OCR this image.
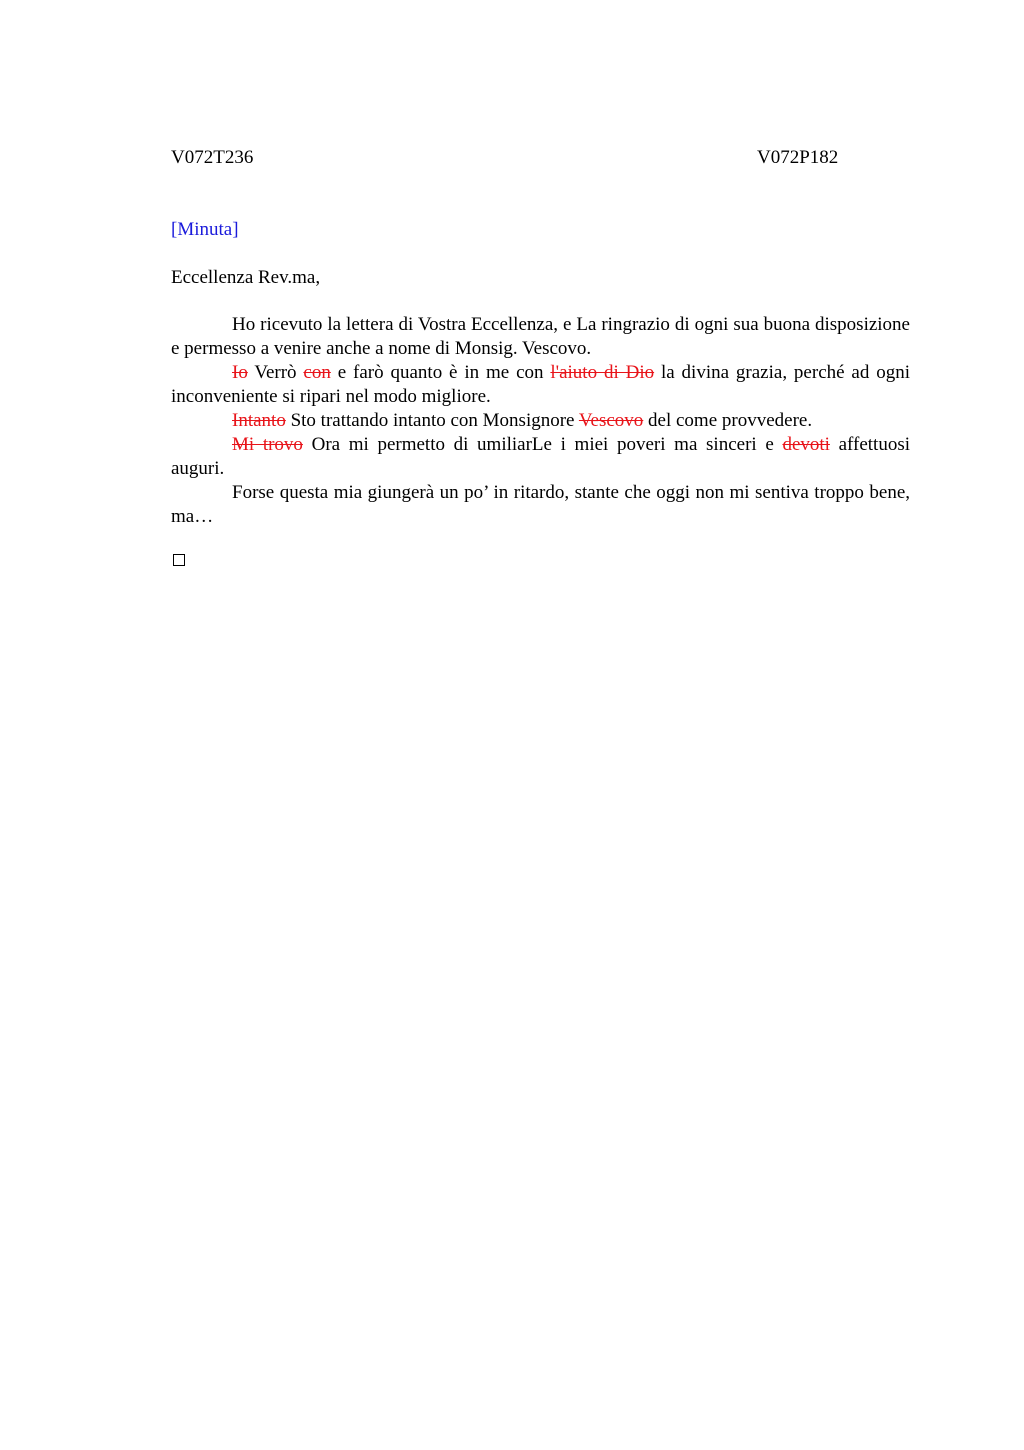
V072T236	V072P182
[Minuta]
Eccellenza Rev.ma,

Ho ricevuto la lettera di Vostra Eccellenza, e La ringrazio di ogni sua buona disposizione e permesso a venire anche a nome di Monsig. Vescovo.

Io Verrò con e farò quanto è in me con l'aiuto di Dio la divina grazia, perché ad ogni inconveniente si ripari nel modo migliore.

Intanto Sto trattando intanto con Monsignore Vescovo del come provvedere.

Mi trovo Ora mi permetto di umiliarLe i miei poveri ma sinceri e devoti affettuosi auguri.

Forse questa mia giungerà un po’ in ritardo, stante che oggi non mi sentiva troppo bene, ma…
